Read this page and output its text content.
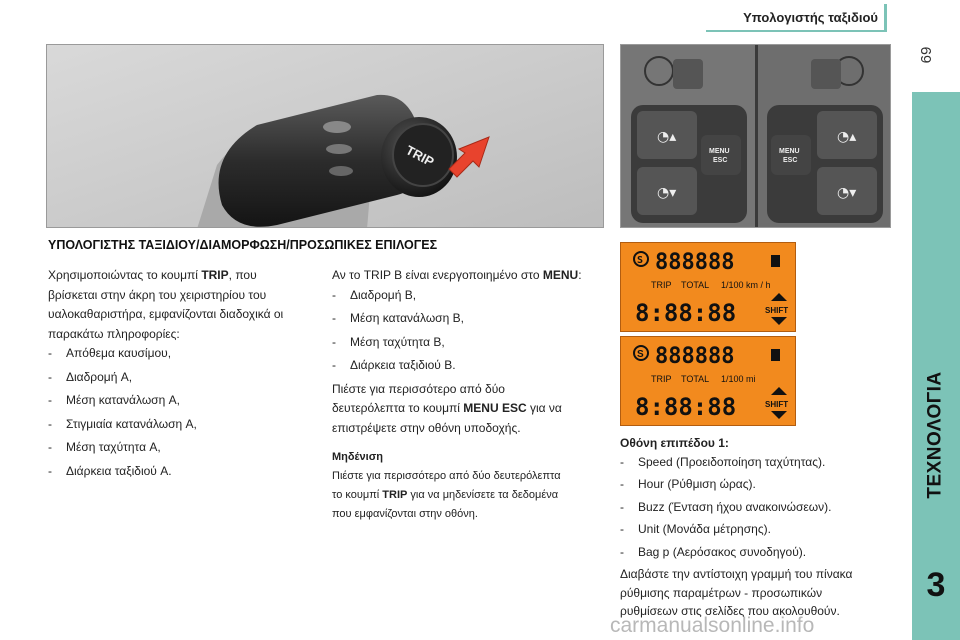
Υπολογιστής ταξιδιού
69
ΤΕΧΝΟΛΟΓΙΑ
3
TRIP	MENU
ESC
◔▴
◔▾
MENU
ESC
◔▴
◔▾
ΥΠΟΛΟΓΙΣΤΗΣ ΤΑΞΙΔΙΟΥ/ΔΙΑΜΟΡΦΩΣΗ/ΠΡΟΣΩΠΙΚΕΣ ΕΠΙΛΟΓΕΣ

Χρησιμοποιώντας το κουμπί TRIP, που

βρίσκεται στην άκρη του χειριστηρίου του

υαλοκαθαριστήρα, εμφανίζονται διαδοχικά οι

παρακάτω πληροφορίες:

- Απόθεμα καυσίμου,
- Διαδρομή A,
- Μέση κατανάλωση A,
- Στιγμιαία κατανάλωση A,
- Μέση ταχύτητα A,
- Διάρκεια ταξιδιού A.

Αν το TRIP B είναι ενεργοποιημένο στο MENU:

- Διαδρομή B,
- Μέση κατανάλωση B,
- Μέση ταχύτητα B,
- Διάρκεια ταξιδιού B.

Πιέστε για περισσότερο από δύο

δευτερόλεπτα το κουμπί MENU ESC για να

επιστρέψετε στην οθόνη υποδοχής.

Μηδένιση

Πιέστε για περισσότερο από δύο δευτερόλεπτα

το κουμπί TRIP για να μηδενίσετε τα δεδομένα

που εμφανίζονται στην οθόνη.

S 888888
TRIP TOTAL 1/100 km / h
8:88:88	SHIFT
S 888888
TRIP TOTAL 1/100 mi
8:88:88	SHIFT

Οθόνη επιπέδου 1:

- Speed (Προειδοποίηση ταχύτητας).
- Hour (Ρύθμιση ώρας).
- Buzz (Ένταση ήχου ανακοινώσεων).
- Unit (Μονάδα μέτρησης).
- Bag p (Αερόσακος συνοδηγού).

Διαβάστε την αντίστοιχη γραμμή του πίνακα

ρύθμισης παραμέτρων - προσωπικών

ρυθμίσεων στις σελίδες που ακολουθούν.

carmanualsonline.info
